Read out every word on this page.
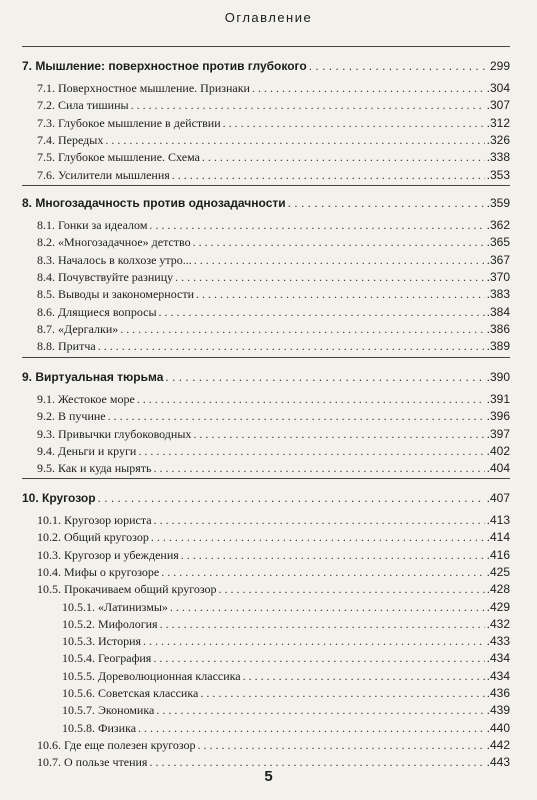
Оглавление
7. Мышление: поверхностное против глубокого . . .	299
7.1. Поверхностное мышление. Признаки . . .	.304
7.2. Сила тишины . . .	.307
7.3. Глубокое мышление в действии . . .	.312
7.4. Передых . . .	.326
7.5. Глубокое мышление. Схема . . .	.338
7.6. Усилители мышления . . .	.353
8. Многозадачность против однозадачности . . .	.359
8.1. Гонки за идеалом . . .	.362
8.2. «Многозадачное» детство . . .	.365
8.3. Началось в колхозе утро... . . .	.367
8.4. Почувствуйте разницу . . .	.370
8.5. Выводы и закономерности . . .	.383
8.6. Длящиеся вопросы . . .	.384
8.7. «Дергалки» . . .	.386
8.8. Притча . . .	.389
9. Виртуальная тюрьма . . .	.390
9.1. Жестокое море . . .	.391
9.2. В пучине . . .	.396
9.3. Привычки глубоководных . . .	.397
9.4. Деньги и круги . . .	.402
9.5. Как и куда нырять . . .	.404
10. Кругозор . . .	.407
10.1. Кругозор юриста . . .	.413
10.2. Общий кругозор . . .	.414
10.3. Кругозор и убеждения . . .	.416
10.4. Мифы о кругозоре . . .	.425
10.5. Прокачиваем общий кругозор . . .	.428
10.5.1. «Латинизмы» . . .	.429
10.5.2. Мифология . . .	.432
10.5.3. История . . .	.433
10.5.4. География . . .	.434
10.5.5. Дореволюционная классика . . .	.434
10.5.6. Советская классика . . .	.436
10.5.7. Экономика . . .	.439
10.5.8. Физика . . .	.440
10.6. Где еще полезен кругозор . . .	.442
10.7. О пользе чтения . . .	.443
5
